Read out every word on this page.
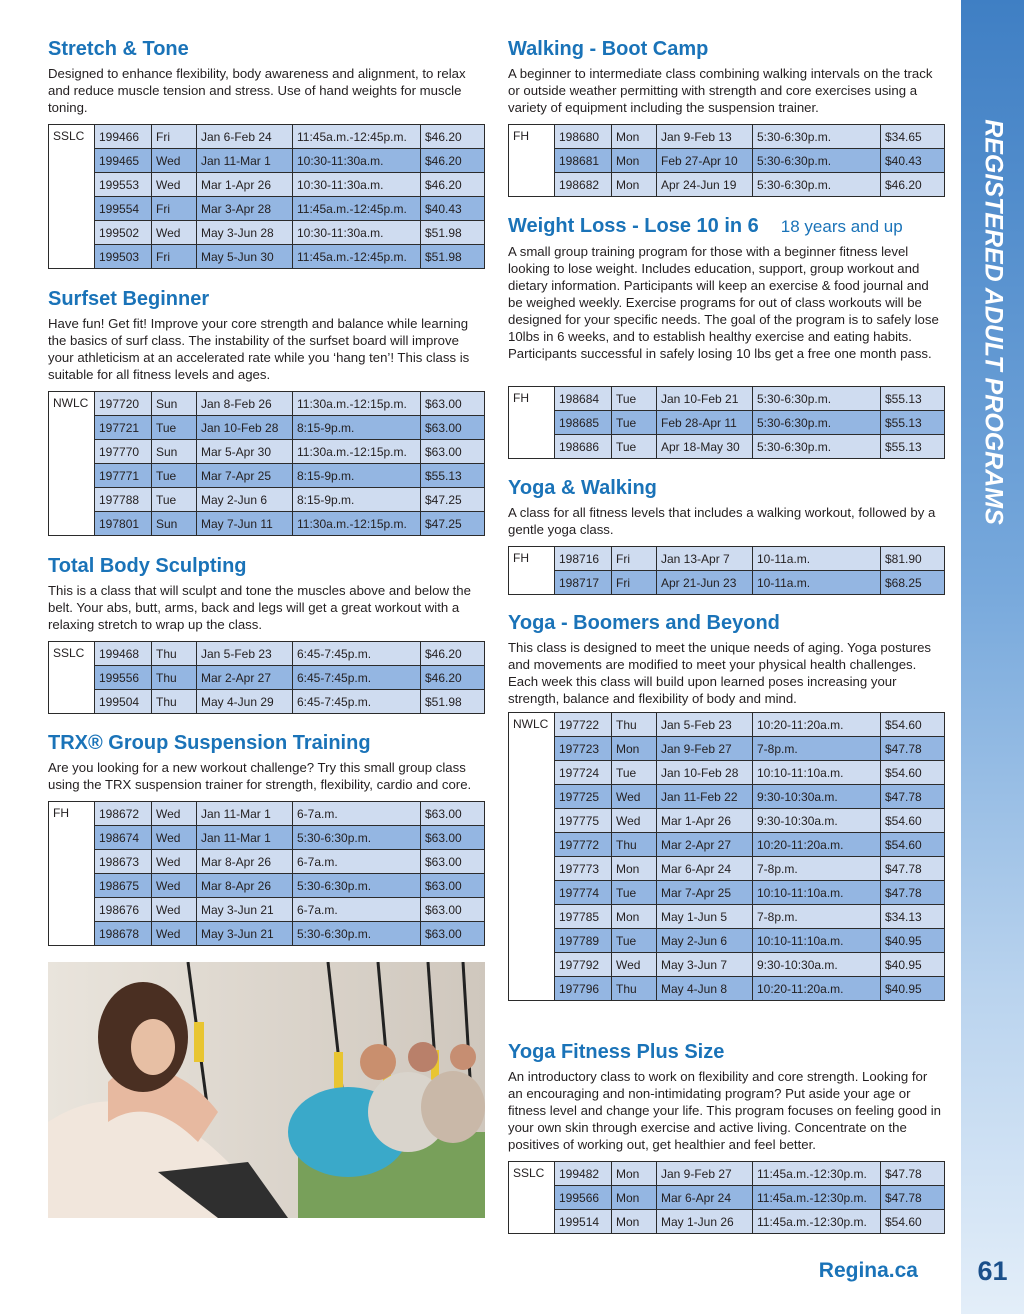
Stretch & Tone

Designed to enhance flexibility, body awareness and alignment, to relax and reduce muscle tension and stress. Use of hand weights for muscle toning.

SSLC	199466	Fri	Jan 6-Feb 24	11:45a.m.-12:45p.m.	$46.20
	199465	Wed	Jan 11-Mar 1	10:30-11:30a.m.	$46.20
	199553	Wed	Mar 1-Apr 26	10:30-11:30a.m.	$46.20
	199554	Fri	Mar 3-Apr 28	11:45a.m.-12:45p.m.	$40.43
	199502	Wed	May 3-Jun 28	10:30-11:30a.m.	$51.98
	199503	Fri	May 5-Jun 30	11:45a.m.-12:45p.m.	$51.98
Surfset Beginner

Have fun! Get fit! Improve your core strength and balance while learning the basics of surf class. The instability of the surfset board will improve your athleticism at an accelerated rate while you ‘hang ten’! This class is suitable for all fitness levels and ages.

NWLC	197720	Sun	Jan 8-Feb 26	11:30a.m.-12:15p.m.	$63.00
	197721	Tue	Jan 10-Feb 28	8:15-9p.m.	$63.00
	197770	Sun	Mar 5-Apr 30	11:30a.m.-12:15p.m.	$63.00
	197771	Tue	Mar 7-Apr 25	8:15-9p.m.	$55.13
	197788	Tue	May 2-Jun 6	8:15-9p.m.	$47.25
	197801	Sun	May 7-Jun 11	11:30a.m.-12:15p.m.	$47.25
Total Body Sculpting

This is a class that will sculpt and tone the muscles above and below the belt. Your abs, butt, arms, back and legs will get a great workout with a relaxing stretch to wrap up the class.

SSLC	199468	Thu	Jan 5-Feb 23	6:45-7:45p.m.	$46.20
	199556	Thu	Mar 2-Apr 27	6:45-7:45p.m.	$46.20
	199504	Thu	May 4-Jun 29	6:45-7:45p.m.	$51.98
TRX® Group Suspension Training

Are you looking for a new workout challenge? Try this small group class using the TRX suspension trainer for strength, flexibility, cardio and core.

FH	198672	Wed	Jan 11-Mar 1	6-7a.m.	$63.00
	198674	Wed	Jan 11-Mar 1	5:30-6:30p.m.	$63.00
	198673	Wed	Mar 8-Apr 26	6-7a.m.	$63.00
	198675	Wed	Mar 8-Apr 26	5:30-6:30p.m.	$63.00
	198676	Wed	May 3-Jun 21	6-7a.m.	$63.00
	198678	Wed	May 3-Jun 21	5:30-6:30p.m.	$63.00
Walking - Boot Camp

A beginner to intermediate class combining walking intervals on the track or outside weather permitting with strength and core exercises using a variety of equipment including the suspension trainer.

FH	198680	Mon	Jan 9-Feb 13	5:30-6:30p.m.	$34.65
	198681	Mon	Feb 27-Apr 10	5:30-6:30p.m.	$40.43
	198682	Mon	Apr 24-Jun 19	5:30-6:30p.m.	$46.20
Weight Loss - Lose 10 in 6 18 years and up

A small group training program for those with a beginner fitness level looking to lose weight. Includes education, support, group workout and dietary information. Participants will keep an exercise & food journal and be weighed weekly. Exercise programs for out of class workouts will be designed for your specific needs. The goal of the program is to safely lose 10lbs in 6 weeks, and to establish healthy exercise and eating habits. Participants successful in safely losing 10 lbs get a free one month pass.

FH	198684	Tue	Jan 10-Feb 21	5:30-6:30p.m.	$55.13
	198685	Tue	Feb 28-Apr 11	5:30-6:30p.m.	$55.13
	198686	Tue	Apr 18-May 30	5:30-6:30p.m.	$55.13
Yoga & Walking

A class for all fitness levels that includes a walking workout, followed by a gentle yoga class.

FH	198716	Fri	Jan 13-Apr 7	10-11a.m.	$81.90
	198717	Fri	Apr 21-Jun 23	10-11a.m.	$68.25
Yoga - Boomers and Beyond

This class is designed to meet the unique needs of aging. Yoga postures and movements are modified to meet your physical health challenges. Each week this class will build upon learned poses increasing your strength, balance and flexibility of body and mind.

NWLC	197722	Thu	Jan 5-Feb 23	10:20-11:20a.m.	$54.60
	197723	Mon	Jan 9-Feb 27	7-8p.m.	$47.78
	197724	Tue	Jan 10-Feb 28	10:10-11:10a.m.	$54.60
	197725	Wed	Jan 11-Feb 22	9:30-10:30a.m.	$47.78
	197775	Wed	Mar 1-Apr 26	9:30-10:30a.m.	$54.60
	197772	Thu	Mar 2-Apr 27	10:20-11:20a.m.	$54.60
	197773	Mon	Mar 6-Apr 24	7-8p.m.	$47.78
	197774	Tue	Mar 7-Apr 25	10:10-11:10a.m.	$47.78
	197785	Mon	May 1-Jun 5	7-8p.m.	$34.13
	197789	Tue	May 2-Jun 6	10:10-11:10a.m.	$40.95
	197792	Wed	May 3-Jun 7	9:30-10:30a.m.	$40.95
	197796	Thu	May 4-Jun 8	10:20-11:20a.m.	$40.95
Yoga Fitness Plus Size

An introductory class to work on flexibility and core strength. Looking for an encouraging and non-intimidating program? Put aside your age or fitness level and change your life. This program focuses on feeling good in your own skin through exercise and active living. Concentrate on the positives of working out, get healthier and feel better.

SSLC	199482	Mon	Jan 9-Feb 27	11:45a.m.-12:30p.m.	$47.78
	199566	Mon	Mar 6-Apr 24	11:45a.m.-12:30p.m.	$47.78
	199514	Mon	May 1-Jun 26	11:45a.m.-12:30p.m.	$54.60
REGISTERED ADULT PROGRAMS
Regina.ca	61
